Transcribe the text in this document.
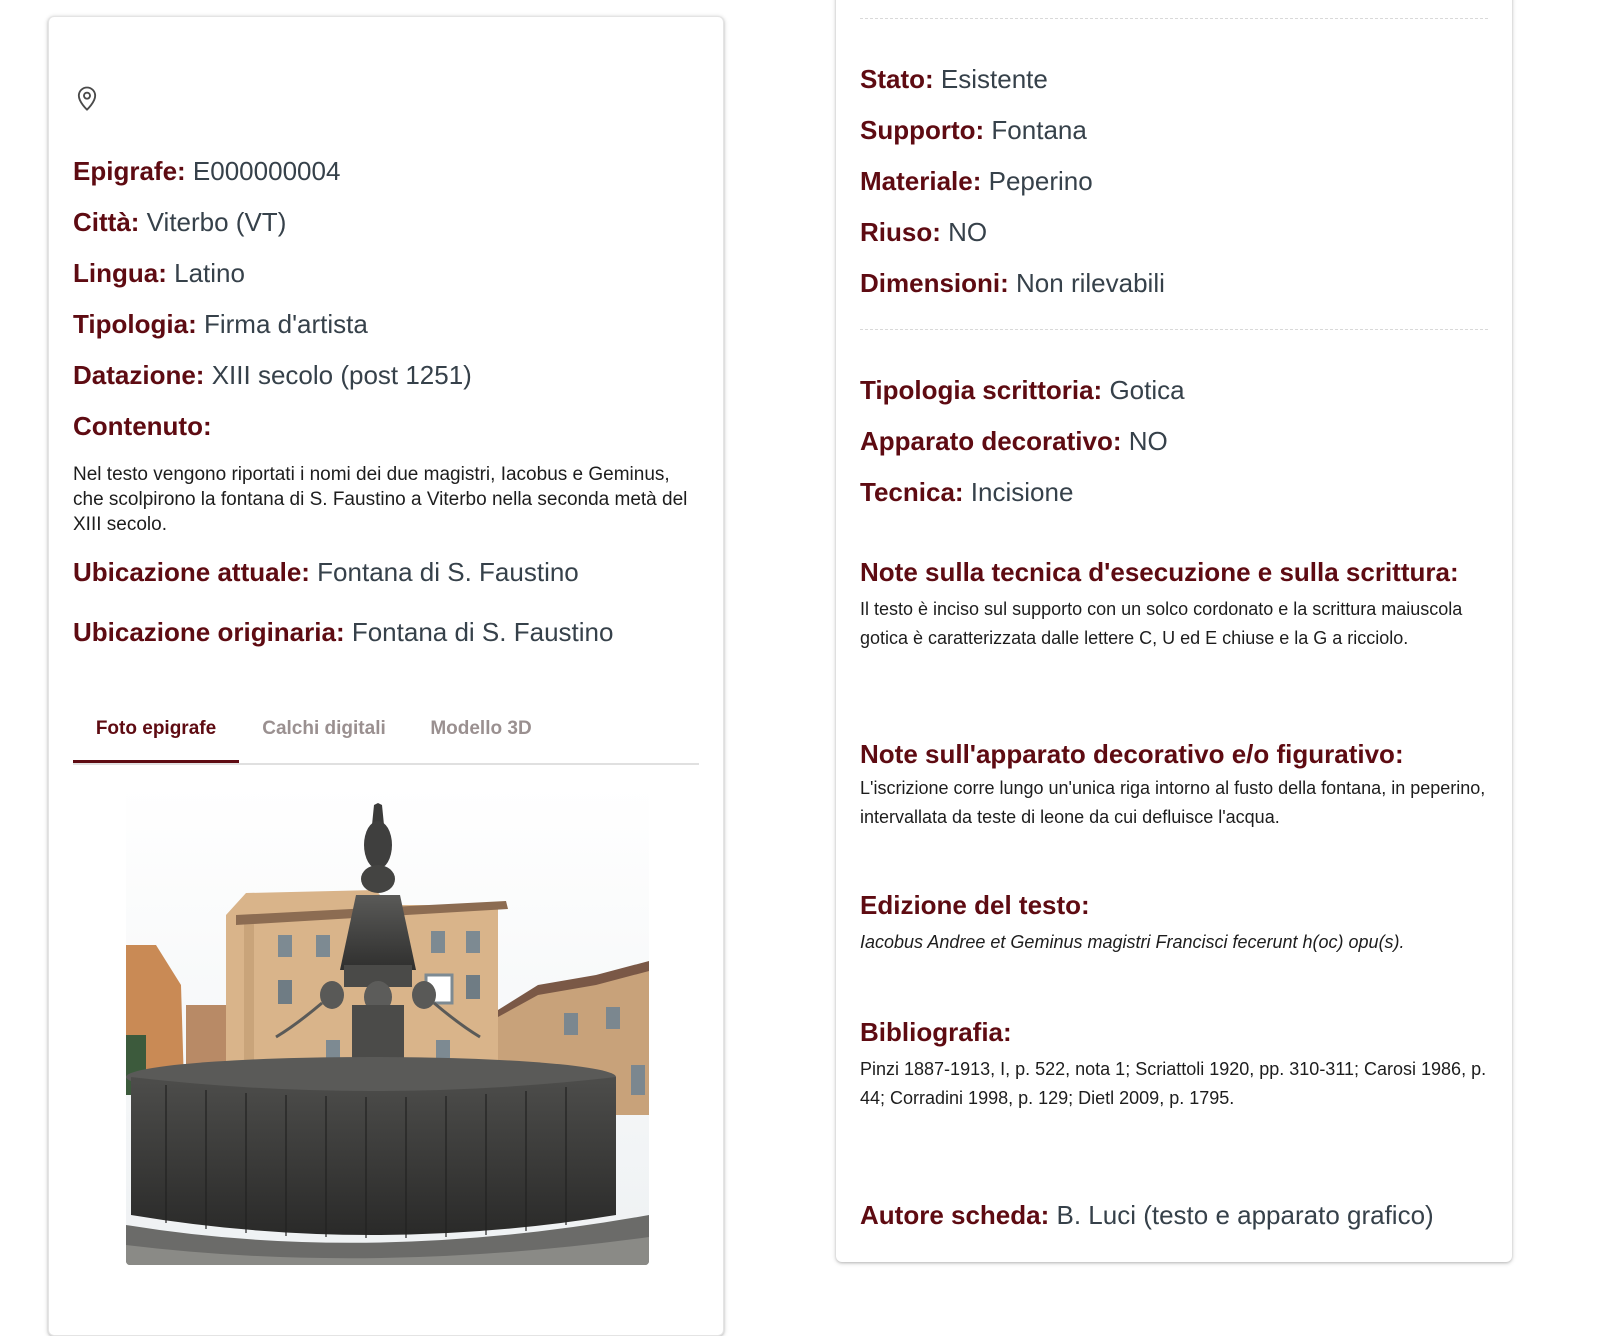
Epigrafe: E000000004
Città: Viterbo (VT)
Lingua: Latino
Tipologia: Firma d'artista
Datazione: XIII secolo (post 1251)
Contenuto:
Nel testo vengono riportati i nomi dei due magistri, Iacobus e Geminus, che scolpirono la fontana di S. Faustino a Viterbo nella seconda metà del XIII secolo.
Ubicazione attuale: Fontana di S. Faustino
Ubicazione originaria: Fontana di S. Faustino
Foto epigrafe	Calchi digitali	Modello 3D
Stato: Esistente
Supporto: Fontana
Materiale: Peperino
Riuso: NO
Dimensioni: Non rilevabili
Tipologia scrittoria: Gotica
Apparato decorativo: NO
Tecnica: Incisione
Note sulla tecnica d'esecuzione e sulla scrittura:
Il testo è inciso sul supporto con un solco cordonato e la scrittura maiuscola gotica è caratterizzata dalle lettere C, U ed E chiuse e la G a ricciolo.
Note sull'apparato decorativo e/o figurativo:
L'iscrizione corre lungo un'unica riga intorno al fusto della fontana, in peperino, intervallata da teste di leone da cui defluisce l'acqua.
Edizione del testo:
Iacobus Andree et Geminus magistri Francisci fecerunt h(oc) opu(s).
Bibliografia:
Pinzi 1887-1913, I, p. 522, nota 1; Scriattoli 1920, pp. 310-311; Carosi 1986, p. 44; Corradini 1998, p. 129; Dietl 2009, p. 1795.
Autore scheda: B. Luci (testo e apparato grafico)
